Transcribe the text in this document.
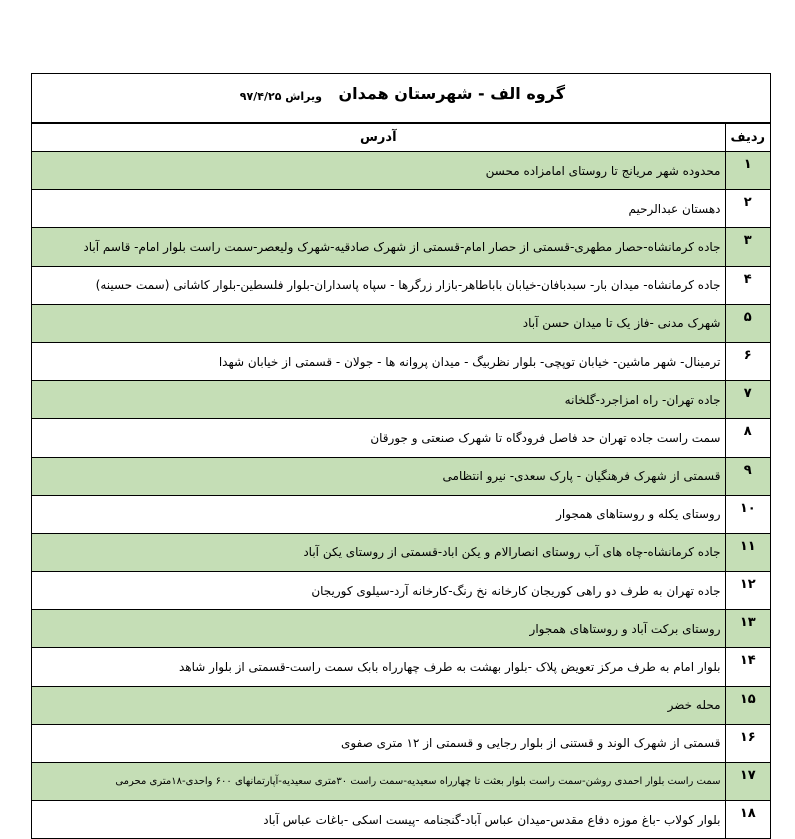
گروه الف - شهرستان همدان
ویراش ۹۷/۴/۲۵
ردیف	آدرس
۱	محدوده شهر مریانج تا روستای امامزاده محسن
۲	دهستان عبدالرحیم
۳	جاده کرمانشاه-حصار مطهری-قسمتی از حصار امام-قسمتی از شهرک صادقیه-شهرک ولیعصر-سمت راست بلوار امام- قاسم آباد
۴	جاده کرمانشاه- میدان بار- سبدبافان-خیابان باباطاهر-بازار زرگرها - سپاه پاسداران-بلوار فلسطین-بلوار کاشانی (سمت حسینه)
۵	شهرک مدنی -فاز یک تا میدان حسن آباد
۶	ترمینال- شهر ماشین- خیابان توپچی- بلوار نظربیگ - میدان پروانه ها - جولان - قسمتی از خیابان شهدا
۷	جاده تهران- راه امزاجرد-گلخانه
۸	سمت راست جاده تهران حد فاصل فرودگاه تا شهرک صنعتی و جورقان
۹	قسمتی از شهرک فرهنگیان - پارک سعدی- نیرو انتظامی
۱۰	روستای یکله و روستاهای همجوار
۱۱	جاده کرمانشاه-چاه های آب روستای انصارالام و یکن اباد-قسمتی از روستای یکن آباد
۱۲	جاده تهران به طرف دو راهی کوریجان کارخانه نخ رنگ-کارخانه آرد-سیلوی کوریجان
۱۳	روستای برکت آباد و روستاهای همجوار
۱۴	بلوار امام به طرف مرکز تعویض پلاک -بلوار بهشت به طرف چهارراه بابک سمت راست-قسمتی از بلوار شاهد
۱۵	محله خضر
۱۶	قسمتی از شهرک الوند و قستنی از بلوار رجایی و قسمتی از ۱۲ متری صفوی
۱۷	سمت راست بلوار احمدی روشن-سمت راست بلوار بعثت تا چهارراه سعیدیه-سمت راست ۳۰متری سعیدیه-آپارتمانهای ۶۰۰ واحدی-۱۸متری محرمی
۱۸	بلوار کولاب -باغ موزه دفاع مقدس-میدان عباس آباد-گنجنامه -پیست اسکی -باغات عباس آباد
